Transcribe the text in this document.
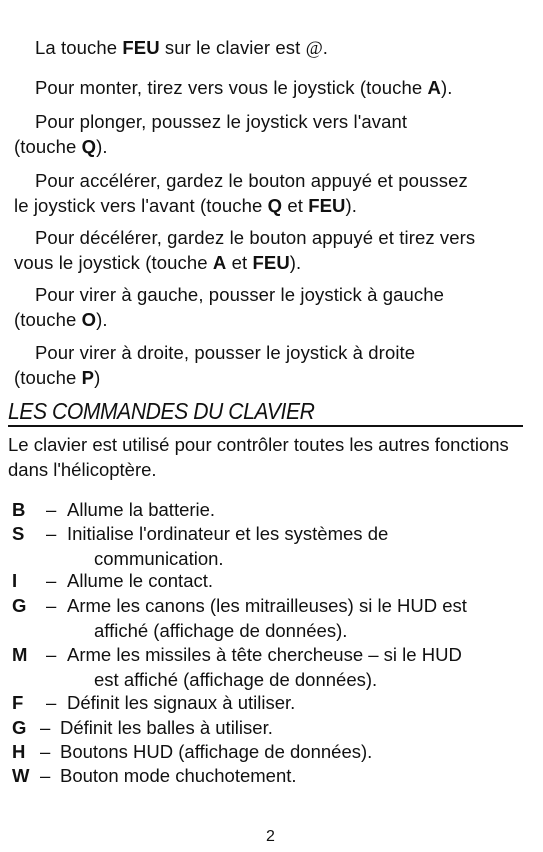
La touche FEU sur le clavier est @.

Pour monter, tirez vers vous le joystick (touche A).

Pour plonger, poussez le joystick vers l'avant
(touche Q).

Pour accélérer, gardez le bouton appuyé et poussez
le joystick vers l'avant (touche Q et FEU).

Pour décélérer, gardez le bouton appuyé et tirez vers
vous le joystick (touche A et FEU).

Pour virer à gauche, pousser le joystick à gauche
(touche O).

Pour virer à droite, pousser le joystick à droite
(touche P)

LES COMMANDES DU CLAVIER
Le clavier est utilisé pour contrôler toutes les autres fonctions dans l'hélicoptère.
B	– Allume la batterie.
S	– Initialise l'ordinateur et les systèmes de
communication.
I	– Allume le contact.
G	– Arme les canons (les mitrailleuses) si le HUD est
affiché (affichage de données).
M	– Arme les missiles à tête chercheuse – si le HUD
est affiché (affichage de données).
F	– Définit les signaux à utiliser.
G – Définit les balles à utiliser.
H – Boutons HUD (affichage de données).
W – Bouton mode chuchotement.
2
